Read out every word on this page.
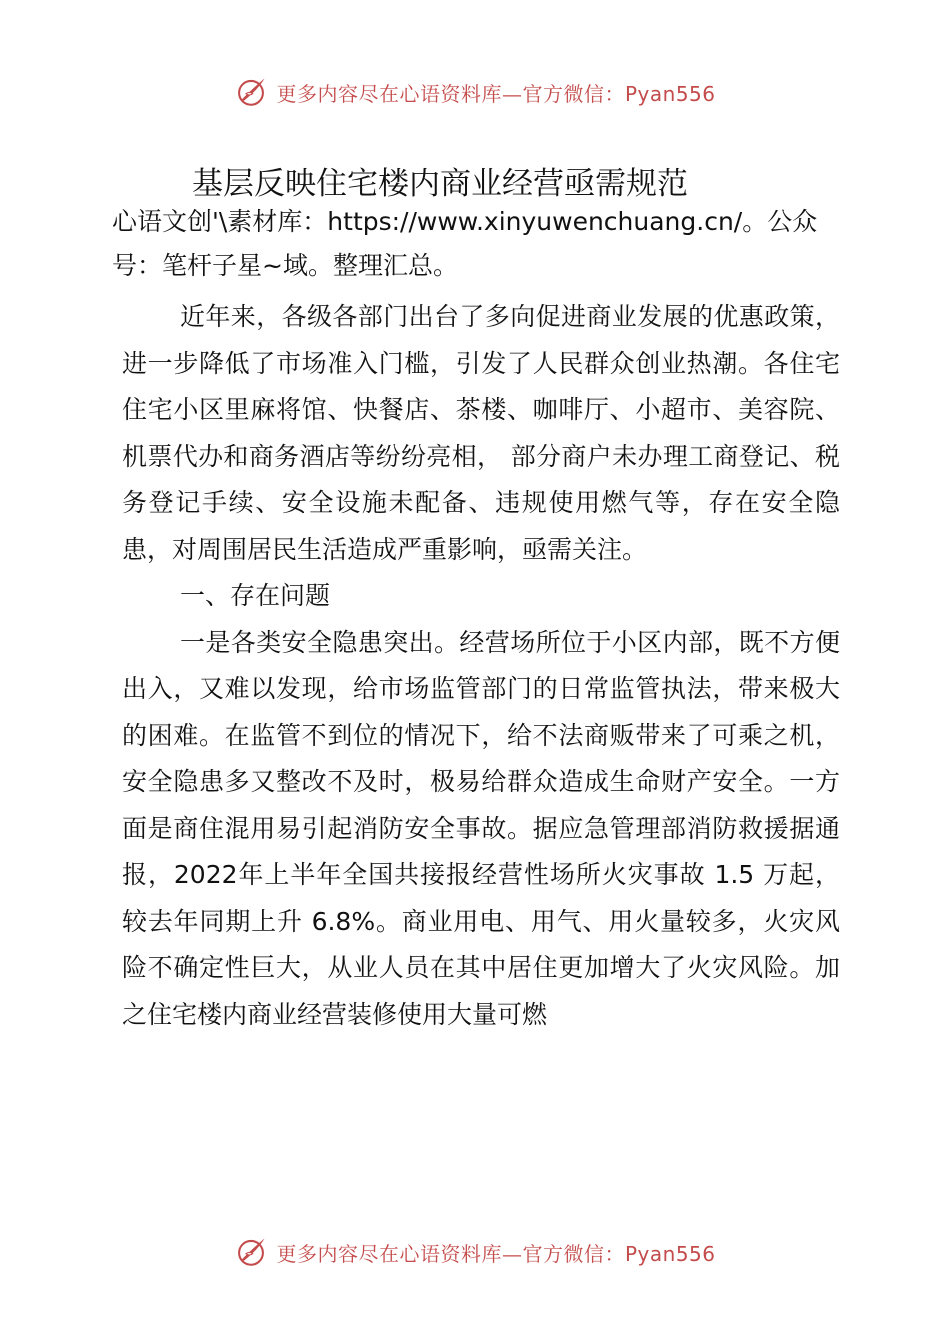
更多内容尽在心语资料库—官方微信：Pyan556
基层反映住宅楼内商业经营亟需规范
心语文创'\素材库：https://www.xinyuwenchuang.cn/。公众号：笔杆子星~域。整理汇总。

近年来，各级各部门出台了多向促进商业发展的优惠政策，进一步降低了市场准入门槛，引发了人民群众创业热潮。各住宅住宅小区里麻将馆、快餐店、茶楼、咖啡厅、小超市、美容院、机票代办和商务酒店等纷纷亮相， 部分商户未办理工商登记、税务登记手续、安全设施未配备、违规使用燃气等，存在安全隐患，对周围居民生活造成严重影响，亟需关注。

一、存在问题

一是各类安全隐患突出。经营场所位于小区内部，既不方便出入，又难以发现，给市场监管部门的日常监管执法，带来极大的困难。在监管不到位的情况下，给不法商贩带来了可乘之机，安全隐患多又整改不及时，极易给群众造成生命财产安全。一方面是商住混用易引起消防安全事故。据应急管理部消防救援据通报，2022年上半年全国共接报经营性场所火灾事故 1.5 万起，较去年同期上升 6.8%。商业用电、用气、用火量较多，火灾风险不确定性巨大，从业人员在其中居住更加增大了火灾风险。加之住宅楼内商业经营装修使用大量可燃

更多内容尽在心语资料库—官方微信：Pyan556
